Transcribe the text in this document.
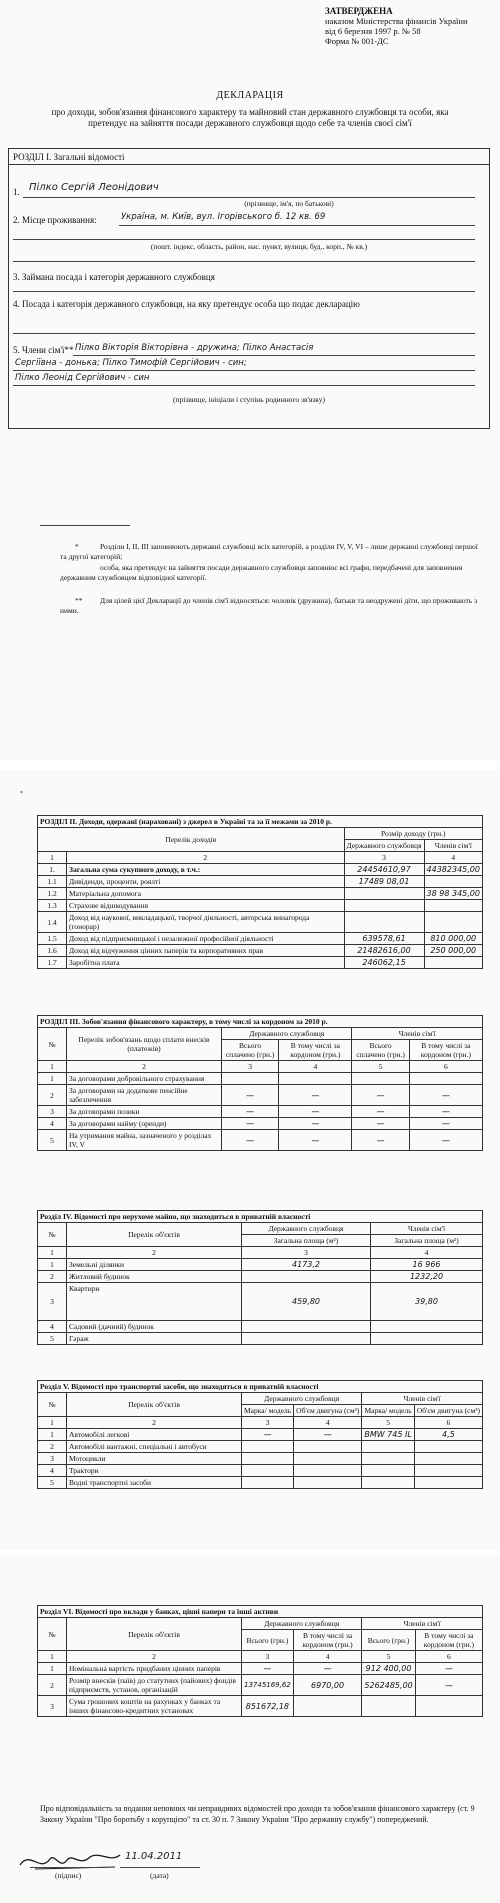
ЗАТВЕРДЖЕНА
наказом Міністерства фінансів України
від 6 березня 1997 р. № 58
Форма № 001-ДС
ДЕКЛАРАЦІЯ
про доходи, зобов'язання фінансового характеру та майновий стан державного службовця та особи, яка претендує на зайняття посади державного службовця щодо себе та членів своєї сім'ї
РОЗДІЛ І. Загальні відомості
1. Пілко Сергій Леонідович
(прізвище, ім'я, по батькові)
2. Місце проживання:	Україна, м. Київ, вул. Ігорівського б. 12 кв. 69
(пошт. індекс, область, район, нас. пункт, вулиця, буд., корп., № кв.)
3. Займана посада і категорія державного службовця
4. Посада і категорія державного службовця, на яку претендує особа що подає декларацію
5. Члени сім'ї** Пілко Вікторія Вікторівна - дружина; Пілко Анастасія
Сергіївна - донька; Пілко Тимофій Сергійович - син;
Пілко Леонід Сергійович - син
(прізвище, ініціали і ступінь родинного зв'язку)
*	Розділи I, II, III заповнюють державні службовці всіх категорій, а розділи IV, V, VI – лише державні службовці першої та другої категорій;
особа, яка претендує на зайняття посади державного службовця заповнює всі графи, передбачені для заповнення державним службовцем відповідної категорії.
**	Для цілей цієї Декларації до членів сім'ї відносяться: чоловік (дружина), батьки та неодружені діти, що проживають з ними.
•
РОЗДІЛ II. Доходи, одержані (нараховані) з джерел в Україні та за її межами за 2010 р.			
Перелік доходів		Розмір доходу (грн.)	
		Державного службовця	Членів сім'ї
1	2	3	4
1.	Загальна сума сукупного доходу, в т.ч.:	24454610,97	44382345,00
1.1	Дивіденди, проценти, роялті	17489 08,01	
1.2	Матеріальна допомога		38 98 345,00
1.3	Страхове відшкодування		
1.4	Доход від наукової, викладацької, творчої діяльності, авторська винагорода (гонорар)		
1.5	Доход від підприємницької і незалежної професійної діяльності	639578,61	810 000,00
1.6	Доход від відчуження цінних паперів та корпоративних прав	21482616,00	250 000,00
1.7	Заробітна плата	246062,15	
РОЗДІЛ III. Зобов'язання фінансового характеру, в тому числі за кордоном за 2010 р.					
№	Перелік зобов'язань щодо сплати внесків (платежів)	Державного службовця		Членів сім'ї	
		Всього сплачено (грн.)	В тому числі за кордоном (грн.)	Всього сплачено (грн.)	В тому числі за кордоном (грн.)
1	2	3	4	5	6
1	За договорами добровільного страхування				
2	За договорами на додаткове пенсійне забезпечення	—	—	—	—
3	За договорами позики	—	—	—	—
4	За договорами найму (оренди)	—	—	—	—
5	На утримання майна, зазначеного у розділах IV, V	—	—	—	—
Розділ IV. Відомості про нерухоме майно, що знаходиться в приватній власності			
№	Перелік об'єктів	Державного службовця	Членів сім'ї
		Загальна площа (м²)	Загальна площа (м²)
1	2	3	4
1	Земельні ділянки	4173,2	16 966
2	Житловий будинок		1232,20
3	Квартири	459,80	39,80
4	Садовий (дачний) будинок		
5	Гараж		
Розділ V. Відомості про транспортні засоби, що знаходяться в приватній власності					
№	Перелік об'єктів	Державного службовця		Членів сім'ї	
		Марка/ модель	Об'єм двигуна (см³)	Марка/ модель	Об'єм двигуна (см³)
1	2	3	4	5	6
1	Автомобілі легкові	—	—	BMW 745 IL	4,5
2	Автомобілі вантажні, спеціальні і автобуси				
3	Мотоцикли				
4	Трактори				
5	Водні транспортні засоби				
Розділ VI. Відомості про вклади у банках, цінні папери та інші активи					
№	Перелік об'єктів	Державного службовця		Членів сім'ї	
		Всього (грн.)	В тому числі за кордоном (грн.)	Всього (грн.)	В тому числі за кордоном (грн.)
1	2	3	4	5	6
1	Номінальна вартість придбаних цінних паперів	—	—	912 400,00	—
2	Розмір внесків (паїв) до статутних (пайових) фондів підприємств, установ, організацій	13745169,62	6970,00	5262485,00	—
3	Сума грошових коштів на рахунках у банках та інших фінансово-кредитних установах	851672,18			
Про відповідальність за подання неповних чи неправдивих відомостей про доходи та зобов'язання фінансового характеру (ст. 9 Закону України "Про боротьбу з корупцією" та ст. 30 п. 7 Закону України "Про державну службу") попереджений.
11.04.2011
(підпис)	(дата)
